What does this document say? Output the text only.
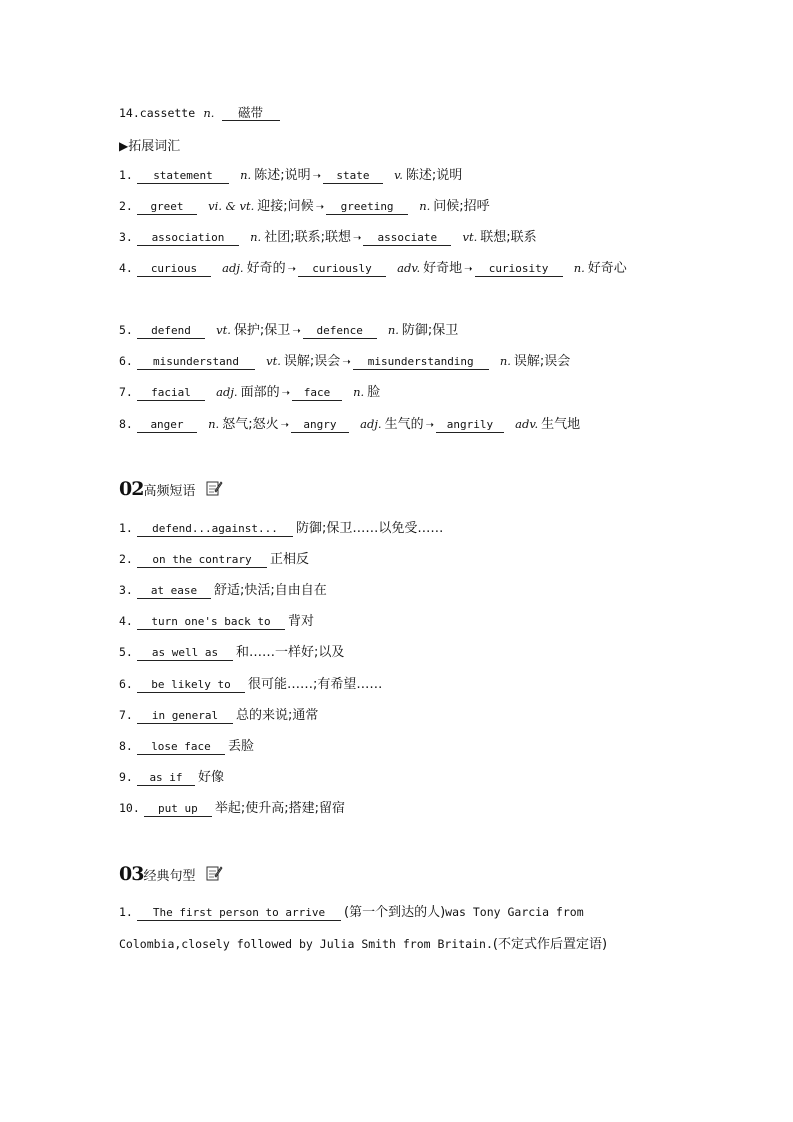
14.cassette n. 磁带
▶拓展词汇
1. statement n. 陈述;说明 ➝ state v. 陈述;说明
2. greet vi. & vt. 迎接;问候 ➝ greeting n. 问候;招呼
3. association n. 社团;联系;联想 ➝ associate vt. 联想;联系
4. curious adj. 好奇的 ➝ curiously adv. 好奇地 ➝ curiosity n. 好奇心
5. defend vt. 保护;保卫 ➝ defence n. 防御;保卫
6. misunderstand vt. 误解;误会 ➝ misunderstanding n. 误解;误会
7. facial adj. 面部的 ➝ face n. 脸
8. anger n. 怒气;怒火 ➝ angry adj. 生气的 ➝ angrily adv. 生气地
02高频短语
1. defend...against... 防御;保卫……以免受……
2. on the contrary 正相反
3. at ease 舒适;快活;自由自在
4. turn one's back to 背对
5. as well as 和……一样好;以及
6. be likely to 很可能……;有希望……
7. in general 总的来说;通常
8. lose face 丢脸
9. as if 好像
10. put up 举起;使升高;搭建;留宿
03经典句型
1. The first person to arrive (第一个到达的人)was Tony Garcia from
Colombia,closely followed by Julia Smith from Britain.(不定式作后置定语)
